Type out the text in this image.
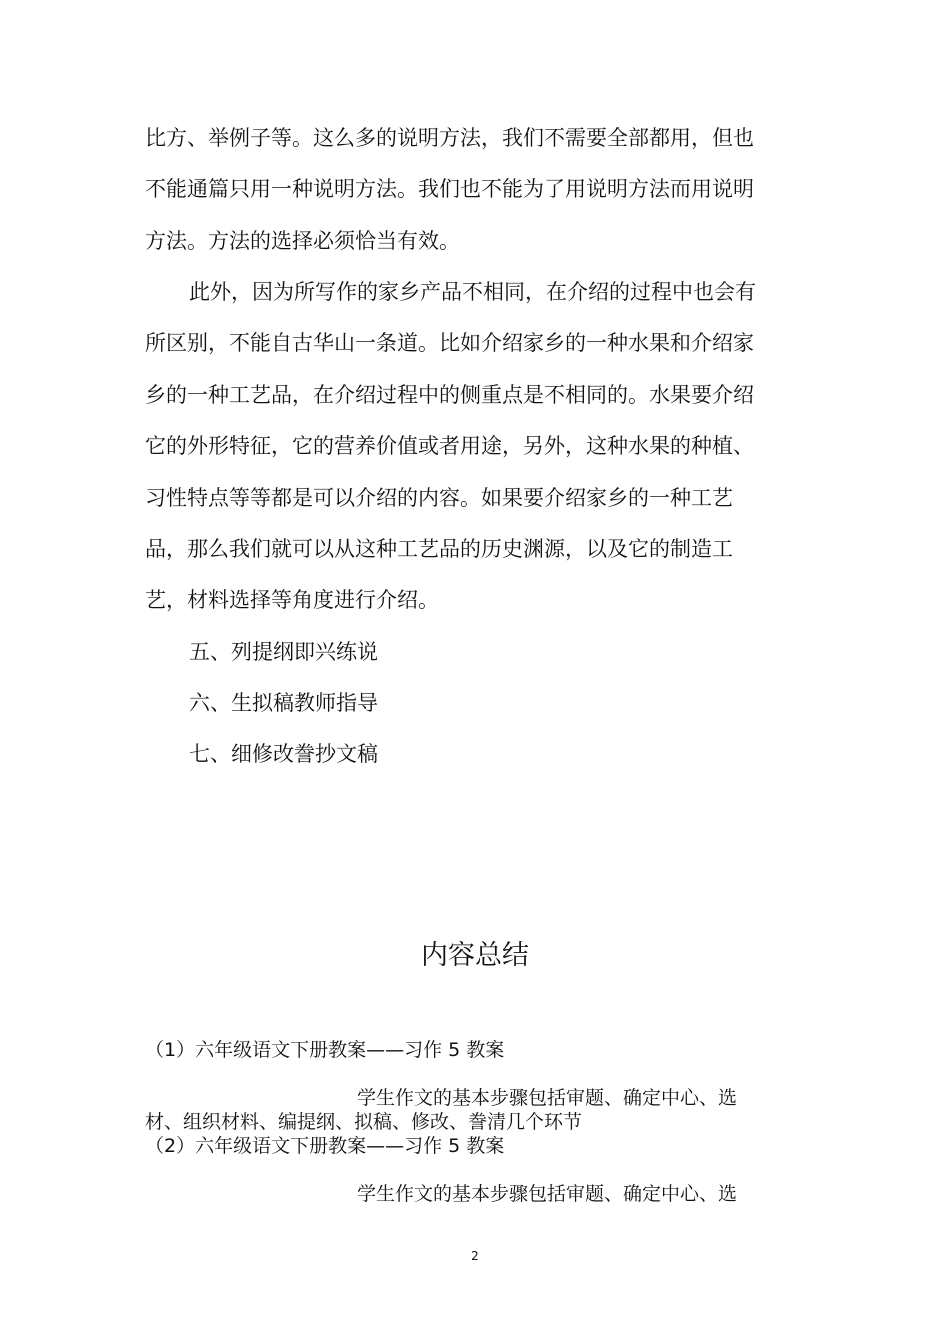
比方、举例子等。这么多的说明方法，我们不需要全部都用，但也
不能通篇只用一种说明方法。我们也不能为了用说明方法而用说明
方法。方法的选择必须恰当有效。
此外，因为所写作的家乡产品不相同，在介绍的过程中也会有
所区别，不能自古华山一条道。比如介绍家乡的一种水果和介绍家
乡的一种工艺品，在介绍过程中的侧重点是不相同的。水果要介绍
它的外形特征，它的营养价值或者用途，另外，这种水果的种植、
习性特点等等都是可以介绍的内容。如果要介绍家乡的一种工艺
品，那么我们就可以从这种工艺品的历史渊源，以及它的制造工
艺，材料选择等角度进行介绍。
五、列提纲即兴练说
六、生拟稿教师指导
七、细修改誊抄文稿
内容总结
（1）六年级语文下册教案——习作 5 教案
学生作文的基本步骤包括审题、确定中心、选
材、组织材料、编提纲、拟稿、修改、誊清几个环节
（2）六年级语文下册教案——习作 5 教案
学生作文的基本步骤包括审题、确定中心、选
2
